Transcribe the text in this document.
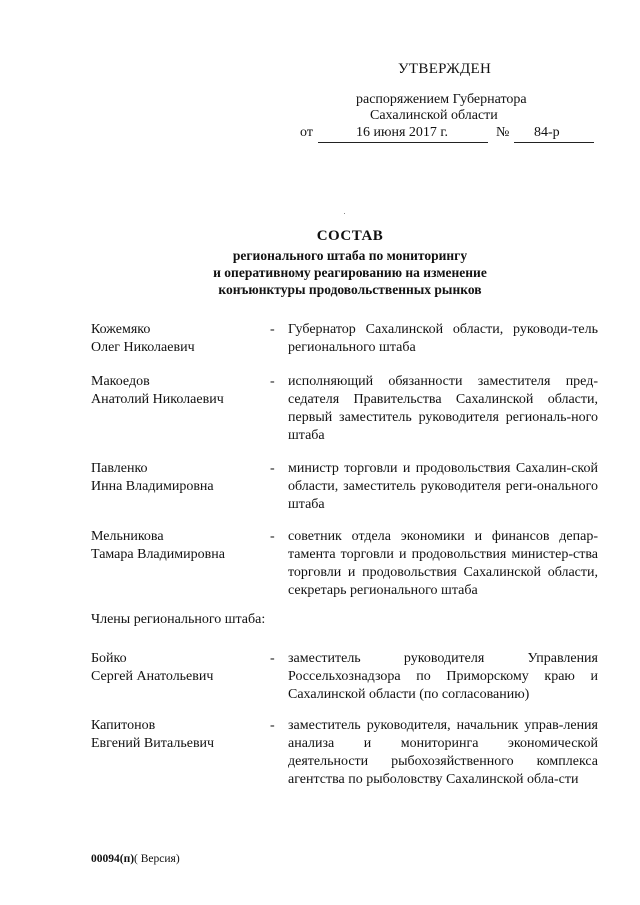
УТВЕРЖДЕН
распоряжением Губернатора
Сахалинской области
от	16 июня 2017 г.	№ 84-р
СОСТАВ
регионального штаба по мониторингу
и оперативному реагированию на изменение
конъюнктуры продовольственных рынков
Кожемяко
Олег Николаевич
- Губернатор Сахалинской области, руководи-тель регионального штаба
Макоедов
Анатолий Николаевич
- исполняющий обязанности заместителя пред-седателя Правительства Сахалинской области, первый заместитель руководителя региональ-ного штаба
Павленко
Инна Владимировна
- министр торговли и продовольствия Сахалин-ской области, заместитель руководителя реги-онального штаба
Мельникова
Тамара Владимировна
- советник отдела экономики и финансов депар-тамента торговли и продовольствия министер-ства торговли и продовольствия Сахалинской области, секретарь регионального штаба
Члены регионального штаба:
Бойко
Сергей Анатольевич
- заместитель руководителя Управления Россельхознадзора по Приморскому краю и Сахалинской области (по согласованию)
Капитонов
Евгений Витальевич
- заместитель руководителя, начальник управ-ления анализа и мониторинга экономической деятельности рыбохозяйственного комплекса агентства по рыболовству Сахалинской обла-сти
00094(п)( Версия)
